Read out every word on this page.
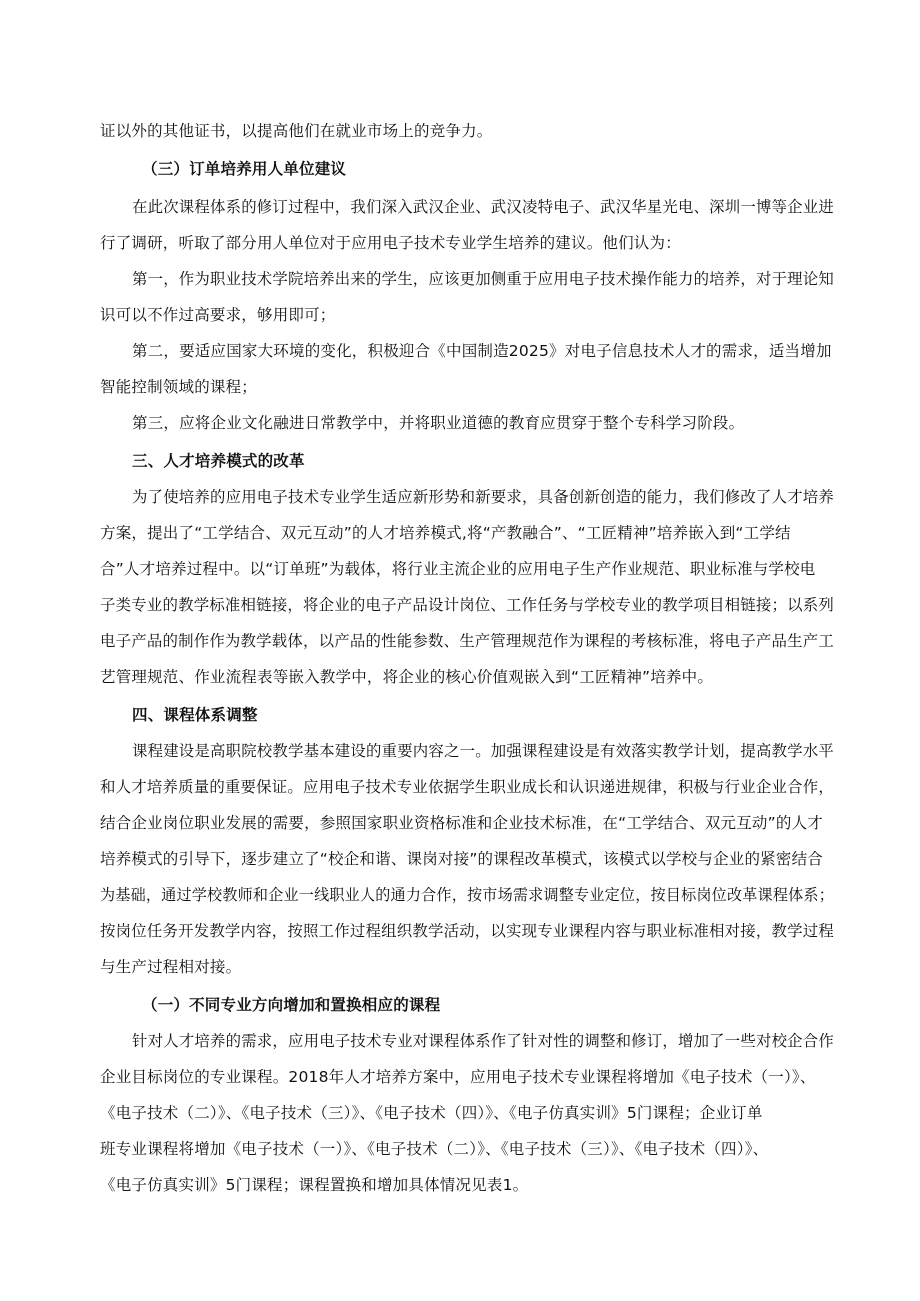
证以外的其他证书，以提高他们在就业市场上的竞争力。
（三）订单培养用人单位建议
在此次课程体系的修订过程中，我们深入武汉企业、武汉凌特电子、武汉华星光电、深圳一博等企业进
行了调研，听取了部分用人单位对于应用电子技术专业学生培养的建议。他们认为：
第一，作为职业技术学院培养出来的学生，应该更加侧重于应用电子技术操作能力的培养，对于理论知
识可以不作过高要求，够用即可；
第二，要适应国家大环境的变化，积极迎合《中国制造2025》对电子信息技术人才的需求，适当增加
智能控制领域的课程；
第三，应将企业文化融进日常教学中，并将职业道德的教育应贯穿于整个专科学习阶段。
三、人才培养模式的改革
为了使培养的应用电子技术专业学生适应新形势和新要求，具备创新创造的能力，我们修改了人才培养
方案，提出了“工学结合、双元互动”的人才培养模式,将“产教融合”、“工匠精神”培养嵌入到“工学结
合”人才培养过程中。以“订单班”为载体，将行业主流企业的应用电子生产作业规范、职业标准与学校电
子类专业的教学标准相链接，将企业的电子产品设计岗位、工作任务与学校专业的教学项目相链接；以系列
电子产品的制作作为教学载体，以产品的性能参数、生产管理规范作为课程的考核标准，将电子产品生产工
艺管理规范、作业流程表等嵌入教学中，将企业的核心价值观嵌入到“工匠精神”培养中。
四、课程体系调整
课程建设是高职院校教学基本建设的重要内容之一。加强课程建设是有效落实教学计划，提高教学水平
和人才培养质量的重要保证。应用电子技术专业依据学生职业成长和认识递进规律，积极与行业企业合作，
结合企业岗位职业发展的需要，参照国家职业资格标准和企业技术标准，在“工学结合、双元互动”的人才
培养模式的引导下，逐步建立了“校企和谐、课岗对接”的课程改革模式，该模式以学校与企业的紧密结合
为基础，通过学校教师和企业一线职业人的通力合作，按市场需求调整专业定位，按目标岗位改革课程体系；
按岗位任务开发教学内容，按照工作过程组织教学活动，以实现专业课程内容与职业标准相对接，教学过程
与生产过程相对接。
（一）不同专业方向增加和置换相应的课程
针对人才培养的需求，应用电子技术专业对课程体系作了针对性的调整和修订，增加了一些对校企合作
企业目标岗位的专业课程。2018年人才培养方案中，应用电子技术专业课程将增加《电子技术（一）》、
《电子技术（二）》、《电子技术（三）》、《电子技术（四）》、《电子仿真实训》5门课程；企业订单
班专业课程将增加《电子技术（一）》、《电子技术（二）》、《电子技术（三）》、《电子技术（四）》、
《电子仿真实训》5门课程；课程置换和增加具体情况见表1。
